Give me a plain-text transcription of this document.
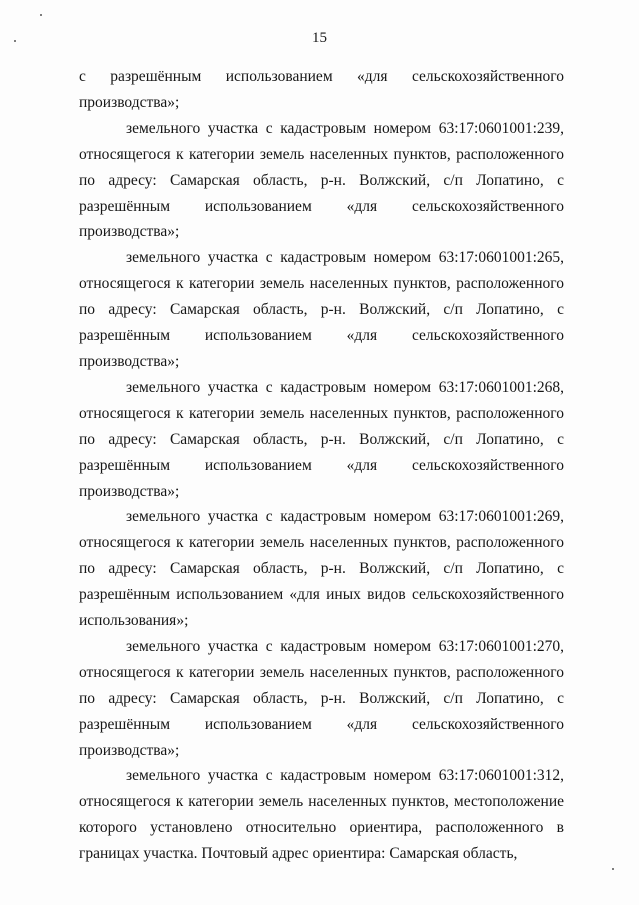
15

с разрешённым использованием «для сельскохозяйственного производства»;

земельного участка с кадастровым номером 63:17:0601001:239, относящегося к категории земель населенных пунктов, расположенного по адресу: Самарская область, р-н. Волжский, с/п Лопатино, с разрешённым использованием «для сельскохозяйственного производства»;

земельного участка с кадастровым номером 63:17:0601001:265, относящегося к категории земель населенных пунктов, расположенного по адресу: Самарская область, р-н. Волжский, с/п Лопатино, с разрешённым использованием «для сельскохозяйственного производства»;

земельного участка с кадастровым номером 63:17:0601001:268, относящегося к категории земель населенных пунктов, расположенного по адресу: Самарская область, р-н. Волжский, с/п Лопатино, с разрешённым использованием «для сельскохозяйственного производства»;

земельного участка с кадастровым номером 63:17:0601001:269, относящегося к категории земель населенных пунктов, расположенного по адресу: Самарская область, р-н. Волжский, с/п Лопатино, с разрешённым использованием «для иных видов сельскохозяйственного использования»;

земельного участка с кадастровым номером 63:17:0601001:270, относящегося к категории земель населенных пунктов, расположенного по адресу: Самарская область, р-н. Волжский, с/п Лопатино, с разрешённым использованием «для сельскохозяйственного производства»;

земельного участка с кадастровым номером 63:17:0601001:312, относящегося к категории земель населенных пунктов, местоположение которого установлено относительно ориентира, расположенного в границах участка. Почтовый адрес ориентира: Самарская область,
